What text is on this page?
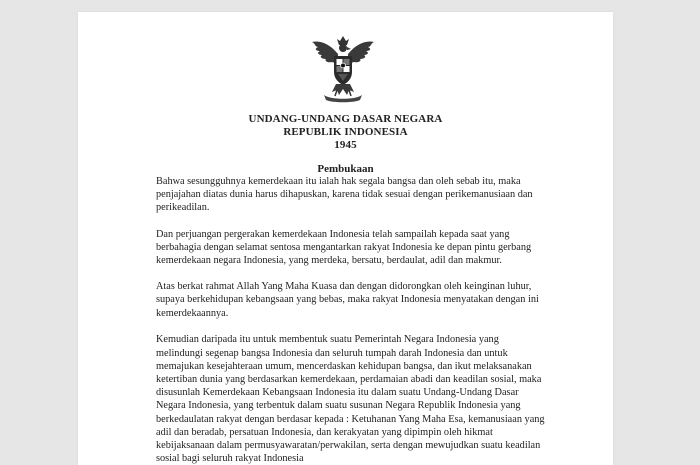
UNDANG-UNDANG DASAR NEGARA
REPUBLIK INDONESIA
1945
Pembukaan

Bahwa sesungguhnya kemerdekaan itu ialah hak segala bangsa dan oleh sebab itu, maka penjajahan diatas dunia harus dihapuskan, karena tidak sesuai dengan perikemanusiaan dan perikeadilan.

Dan perjuangan pergerakan kemerdekaan Indonesia telah sampailah kepada saat yang berbahagia dengan selamat sentosa mengantarkan rakyat Indonesia ke depan pintu gerbang kemerdekaan negara Indonesia, yang merdeka, bersatu, berdaulat, adil dan makmur.

Atas berkat rahmat Allah Yang Maha Kuasa dan dengan didorongkan oleh keinginan luhur, supaya berkehidupan kebangsaan yang bebas, maka rakyat Indonesia menyatakan dengan ini kemerdekaannya.

Kemudian daripada itu untuk membentuk suatu Pemerintah Negara Indonesia yang melindungi segenap bangsa Indonesia dan seluruh tumpah darah Indonesia dan untuk memajukan kesejahteraan umum, mencerdaskan kehidupan bangsa, dan ikut melaksanakan ketertiban dunia yang berdasarkan kemerdekaan, perdamaian abadi dan keadilan sosial, maka disusunlah Kemerdekaan Kebangsaan Indonesia itu dalam suatu Undang-Undang Dasar Negara Indonesia, yang terbentuk dalam suatu susunan Negara Republik Indonesia yang berkedaulatan rakyat dengan berdasar kepada : Ketuhanan Yang Maha Esa, kemanusiaan yang adil dan beradab, persatuan Indonesia, dan kerakyatan yang dipimpin oleh hikmat kebijaksanaan dalam permusyawaratan/perwakilan, serta dengan mewujudkan suatu keadilan sosial bagi seluruh rakyat Indonesia
